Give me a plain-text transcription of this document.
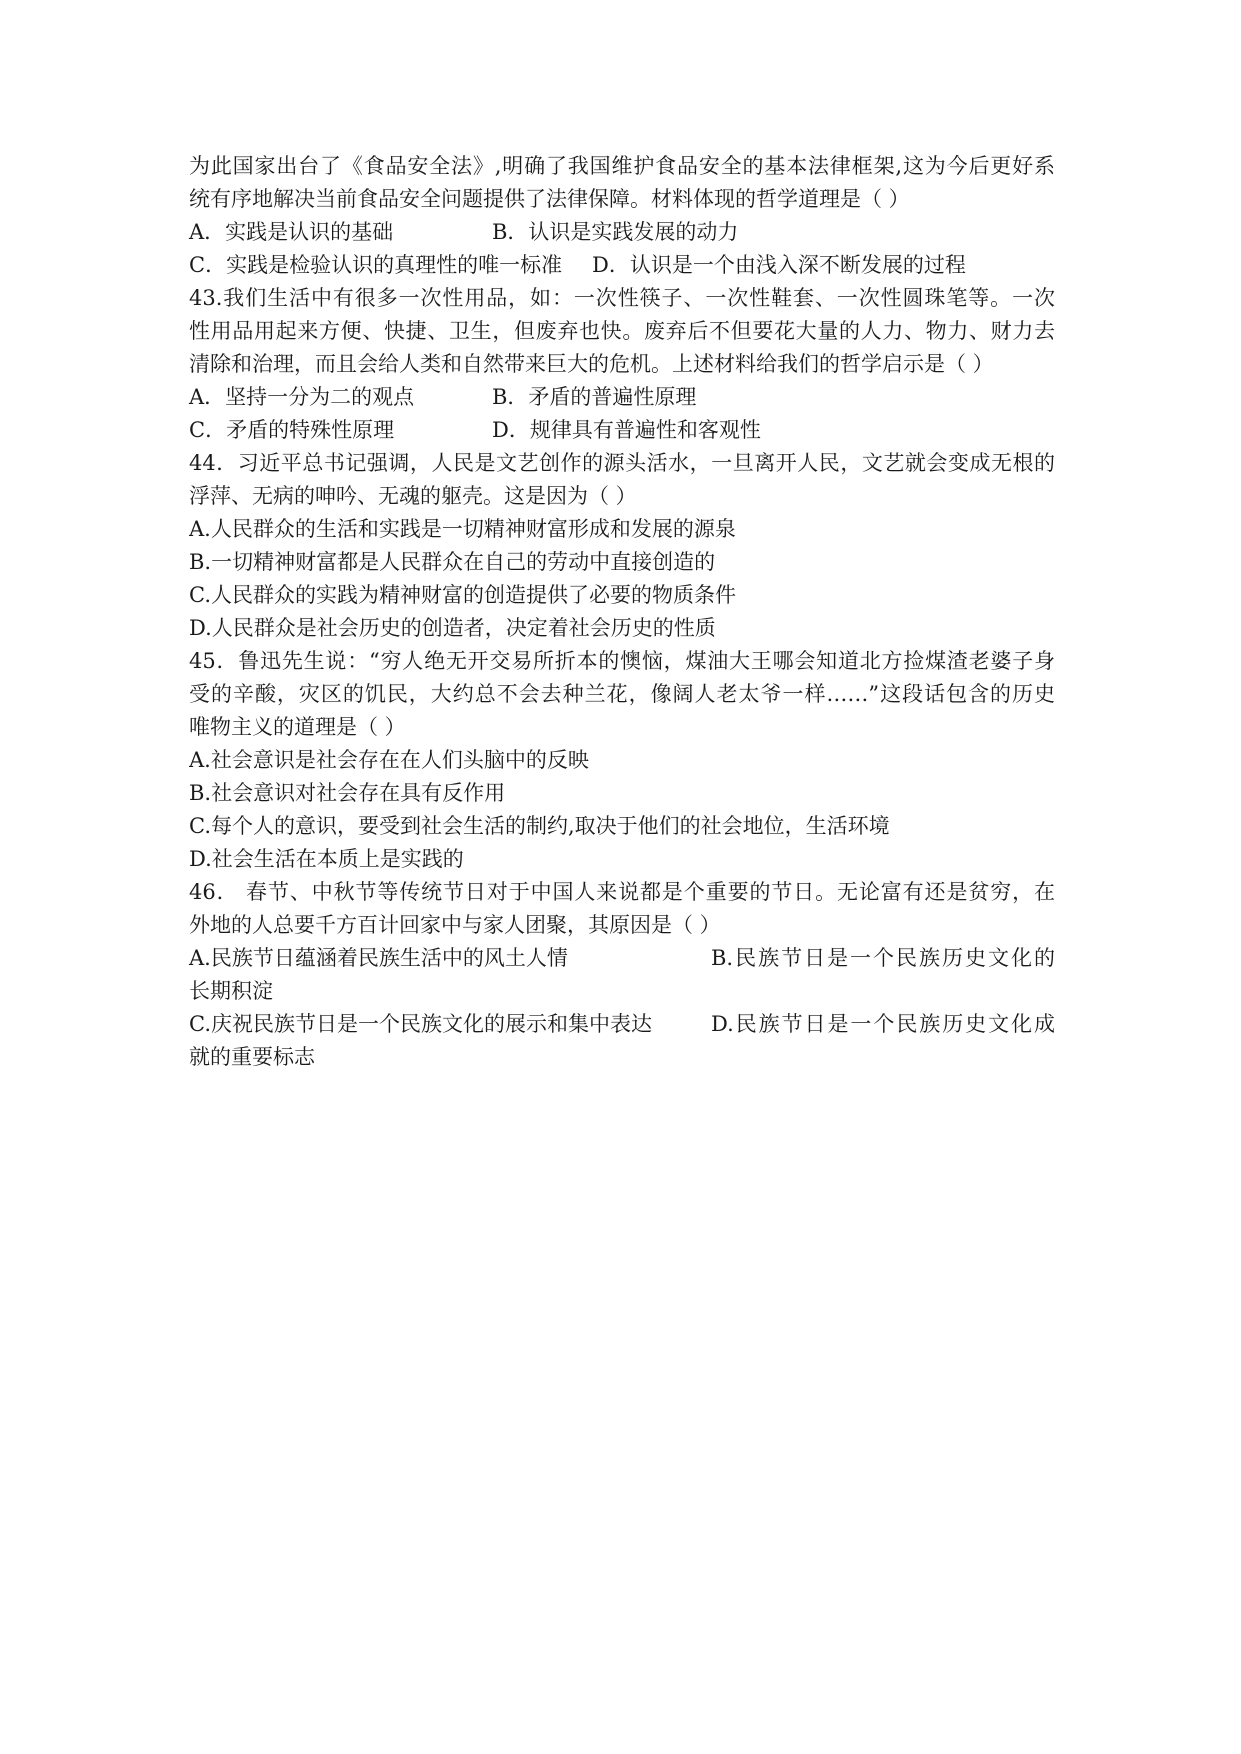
为此国家出台了《食品安全法》,明确了我国维护食品安全的基本法律框架,这为今后更好系
统有序地解决当前食品安全问题提供了法律保障。材料体现的哲学道理是（ ）
A．实践是认识的基础	B．认识是实践发展的动力
C．实践是检验认识的真理性的唯一标准	D．认识是一个由浅入深不断发展的过程
43.我们生活中有很多一次性用品，如：一次性筷子、一次性鞋套、一次性圆珠笔等。一次
性用品用起来方便、快捷、卫生，但废弃也快。废弃后不但要花大量的人力、物力、财力去
清除和治理，而且会给人类和自然带来巨大的危机。上述材料给我们的哲学启示是（ ）
A．坚持一分为二的观点	B．矛盾的普遍性原理
C．矛盾的特殊性原理	D．规律具有普遍性和客观性
44．习近平总书记强调，人民是文艺创作的源头活水，一旦离开人民，文艺就会变成无根的
浮萍、无病的呻吟、无魂的躯壳。这是因为（ ）
A.人民群众的生活和实践是一切精神财富形成和发展的源泉
B.一切精神财富都是人民群众在自己的劳动中直接创造的
C.人民群众的实践为精神财富的创造提供了必要的物质条件
D.人民群众是社会历史的创造者，决定着社会历史的性质
45．鲁迅先生说：“穷人绝无开交易所折本的懊恼，煤油大王哪会知道北方捡煤渣老婆子身
受的辛酸，灾区的饥民，大约总不会去种兰花，像阔人老太爷一样……”这段话包含的历史
唯物主义的道理是（ ）
A.社会意识是社会存在在人们头脑中的反映
B.社会意识对社会存在具有反作用
C.每个人的意识，要受到社会生活的制约,取决于他们的社会地位，生活环境
D.社会生活在本质上是实践的
46． 春节、中秋节等传统节日对于中国人来说都是个重要的节日。无论富有还是贫穷，在
外地的人总要千方百计回家中与家人团聚，其原因是（ ）
A.民族节日蕴涵着民族生活中的风土人情	B.民族节日是一个民族历史文化的
长期积淀
C.庆祝民族节日是一个民族文化的展示和集中表达	D.民族节日是一个民族历史文化成
就的重要标志
